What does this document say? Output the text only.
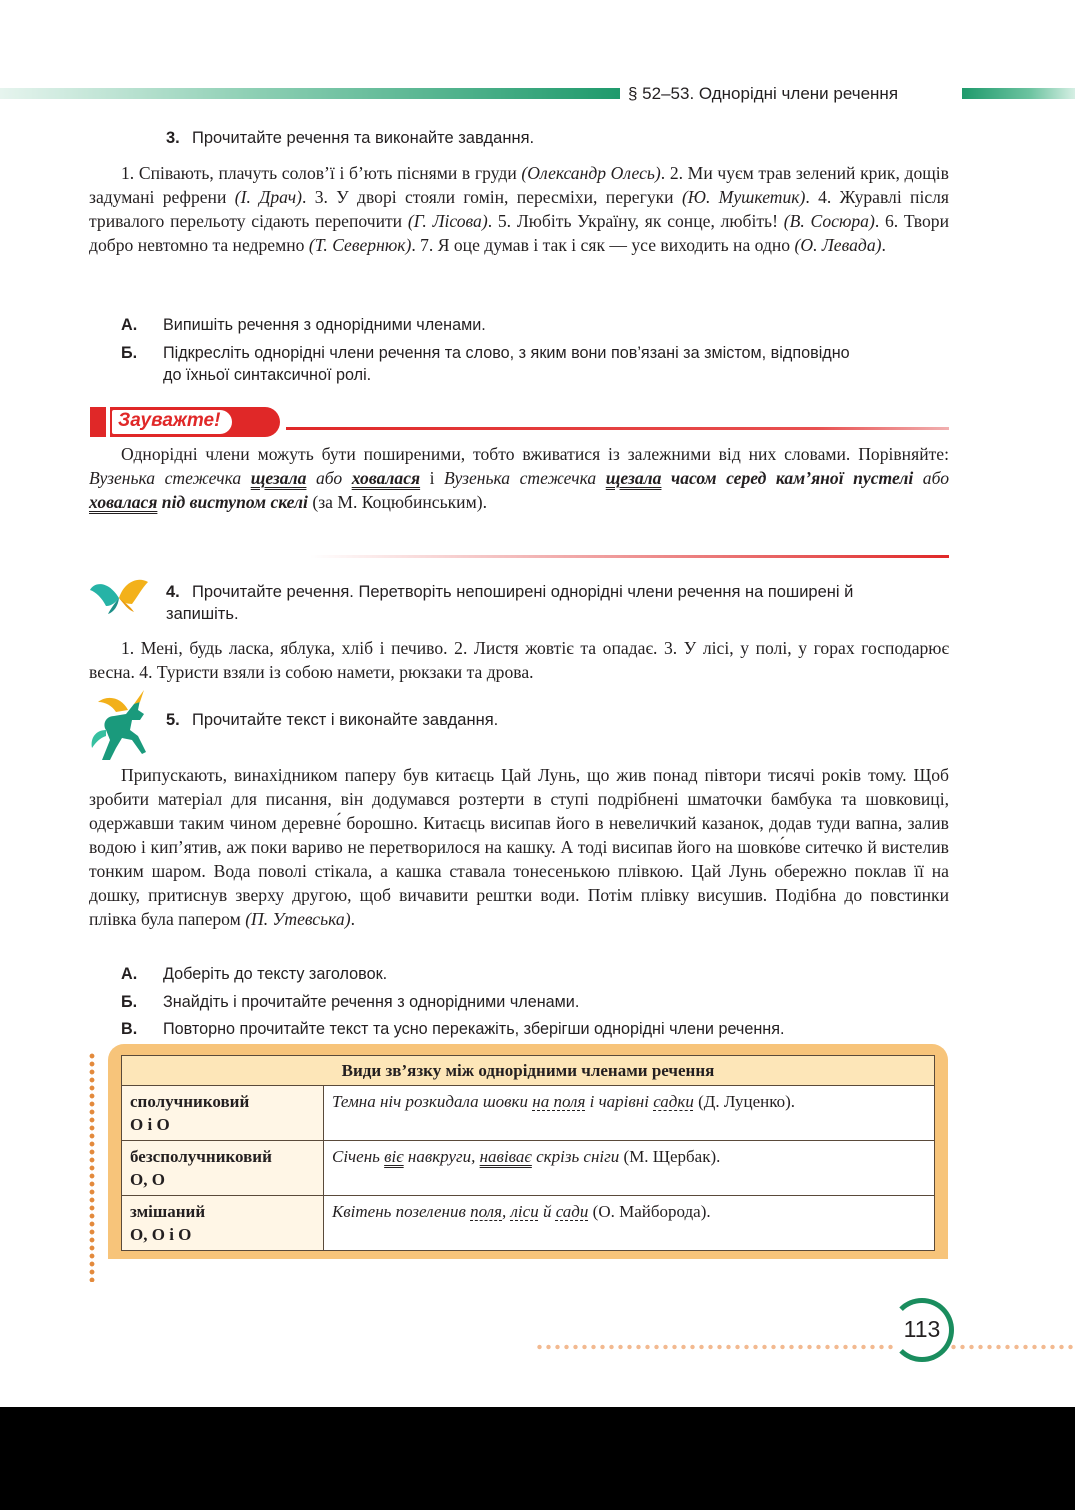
§ 52–53. Однорідні члени речення
3. Прочитайте речення та виконайте завдання.

1. Співають, плачуть солов’ї і б’ють піснями в груди (Олександр Олесь). 2. Ми чуєм трав зелений крик, дощів задумані рефрени (І. Драч). 3. У дворі стояли гомін, пересміхи, перегуки (Ю. Мушкетик). 4. Журавлі після тривалого перельоту сідають перепочити (Г. Лісова). 5. Любіть Україну, як сонце, любіть! (В. Сосюра). 6. Твори добро невтомно та недремно (Т. Севернюк). 7. Я оце думав і так і сяк — усе виходить на одно (О. Левада).

А.	Випишіть речення з однорідними членами.
Б.	Підкресліть однорідні члени речення та слово, з яким вони пов’язані за змістом, відповідно до їхньої синтаксичної ролі.
Зауважте!

Однорідні члени можуть бути поширеними, тобто вживатися із залежними від них словами. Порівняйте: Вузенька стежечка щезала або ховалася і Вузенька стежечка щезала часом серед кам’яної пустелі або ховалася під виступом скелі (за М. Коцюбинським).

4. Прочитайте речення. Перетворіть непоширені однорідні члени речення на поширені й запишіть.

1. Мені, будь ласка, яблука, хліб і печиво. 2. Листя жовтіє та опадає. 3. У лісі, у полі, у горах господарює весна. 4. Туристи взяли із собою намети, рюкзаки та дрова.

5. Прочитайте текст і виконайте завдання.

Припускають, винахідником паперу був китаєць Цай Лунь, що жив понад півтори тисячі років тому. Щоб зробити матеріал для писання, він додумався розтерти в ступі подрібнені шматочки бамбука та шовковиці, одержавши таким чином деревне́ борошно. Китаєць висипав його в невеличкий казанок, додав туди вапна, залив водою і кип’ятив, аж поки вариво не перетворилося на кашку. А тоді висипав його на шовко́ве ситечко й вистелив тонким шаром. Вода поволі стікала, а кашка ставала тонесенькою плівкою. Цай Лунь обережно поклав її на дошку, притиснув зверху другою, щоб вичавити рештки води. Потім плівку висушив. Подібна до повстинки плівка була папером (П. Утевська).

А.	Доберіть до тексту заголовок.
Б.	Знайдіть і прочитайте речення з однорідними членами.
В.	Повторно прочитайте текст та усно перекажіть, зберігши однорідні члени речення.
Види зв’язку між однорідними членами речення	

сполучниковий
О і О	Темна ніч розкидала шовки на поля і чарівні садки (Д. Луценко).

безсполучниковий
О, О	Січень віє навкруги, навіває скрізь сніги (М. Щербак).

змішаний
О, О і О	Квітень позеленив поля, ліси й сади (О. Майборода).
113
